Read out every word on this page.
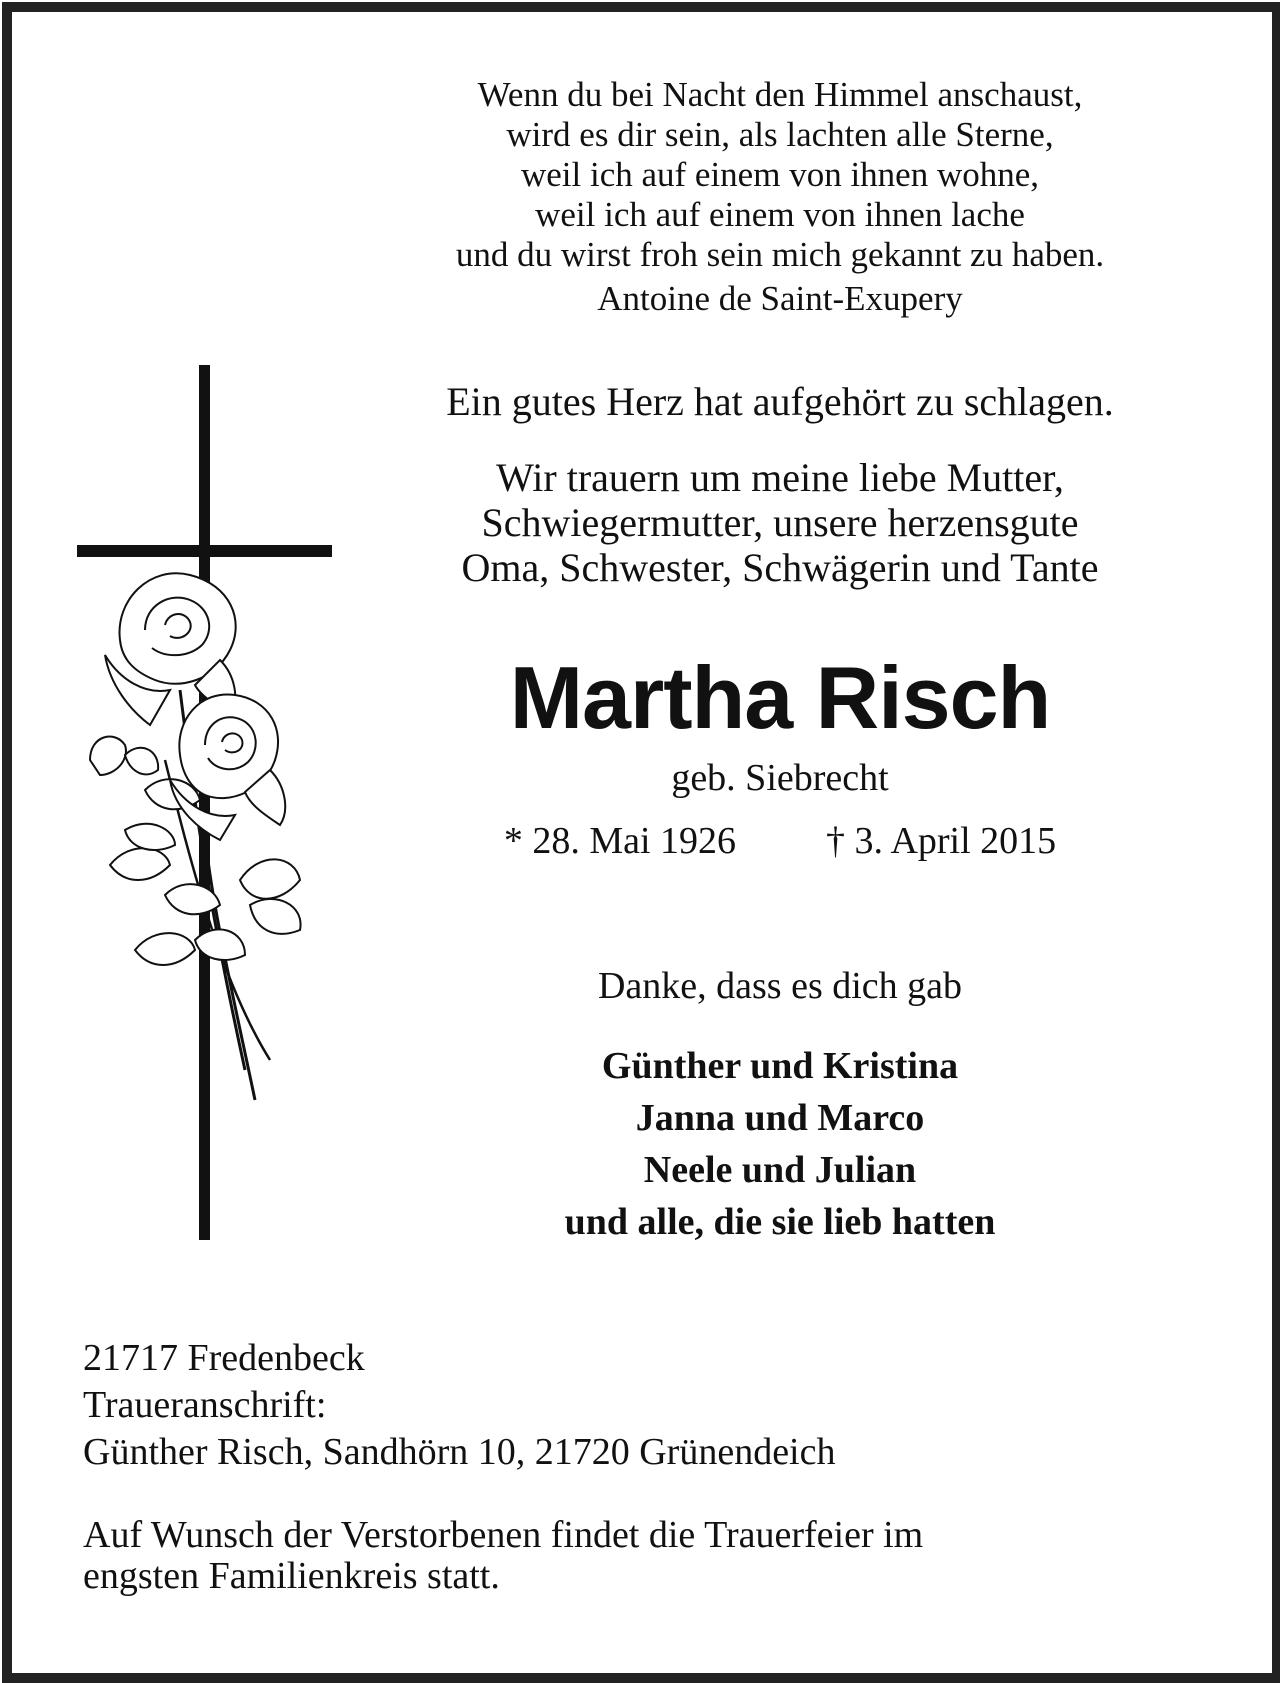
Wenn du bei Nacht den Himmel anschaust,
wird es dir sein, als lachten alle Sterne,
weil ich auf einem von ihnen wohne,
weil ich auf einem von ihnen lache
und du wirst froh sein mich gekannt zu haben.
Antoine de Saint-Exupery
Ein gutes Herz hat aufgehört zu schlagen.
Wir trauern um meine liebe Mutter,
Schwiegermutter, unsere herzensgute
Oma, Schwester, Schwägerin und Tante
Martha Risch
geb. Siebrecht
* 28. Mai 1926 † 3. April 2015
Danke, dass es dich gab
Günther und Kristina
Janna und Marco
Neele und Julian
und alle, die sie lieb hatten
21717 Fredenbeck
Traueranschrift:
Günther Risch, Sandhörn 10, 21720 Grünendeich
Auf Wunsch der Verstorbenen findet die Trauerfeier im
engsten Familienkreis statt.
